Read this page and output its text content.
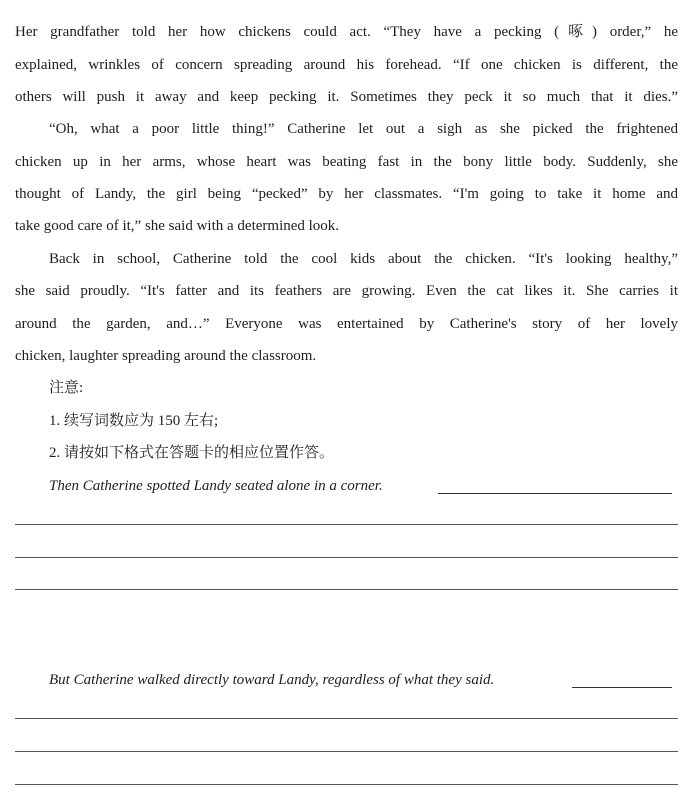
Her grandfather told her how chickens could act. “They have a pecking (啄) order,” he
explained, wrinkles of concern spreading around his forehead. “If one chicken is different, the
others will push it away and keep pecking it. Sometimes they peck it so much that it dies.”
“Oh, what a poor little thing!” Catherine let out a sigh as she picked the frightened
chicken up in her arms, whose heart was beating fast in the bony little body. Suddenly, she
thought of Landy, the girl being “pecked” by her classmates. “I'm going to take it home and
take good care of it,” she said with a determined look.
Back in school, Catherine told the cool kids about the chicken. “It's looking healthy,”
she said proudly. “It's fatter and its feathers are growing. Even the cat likes it. She carries it
around the garden, and…” Everyone was entertained by Catherine's story of her lovely
chicken, laughter spreading around the classroom.
注意:
1. 续写词数应为 150 左右;
2. 请按如下格式在答题卡的相应位置作答。
Then Catherine spotted Landy seated alone in a corner.
But Catherine walked directly toward Landy, regardless of what they said.
